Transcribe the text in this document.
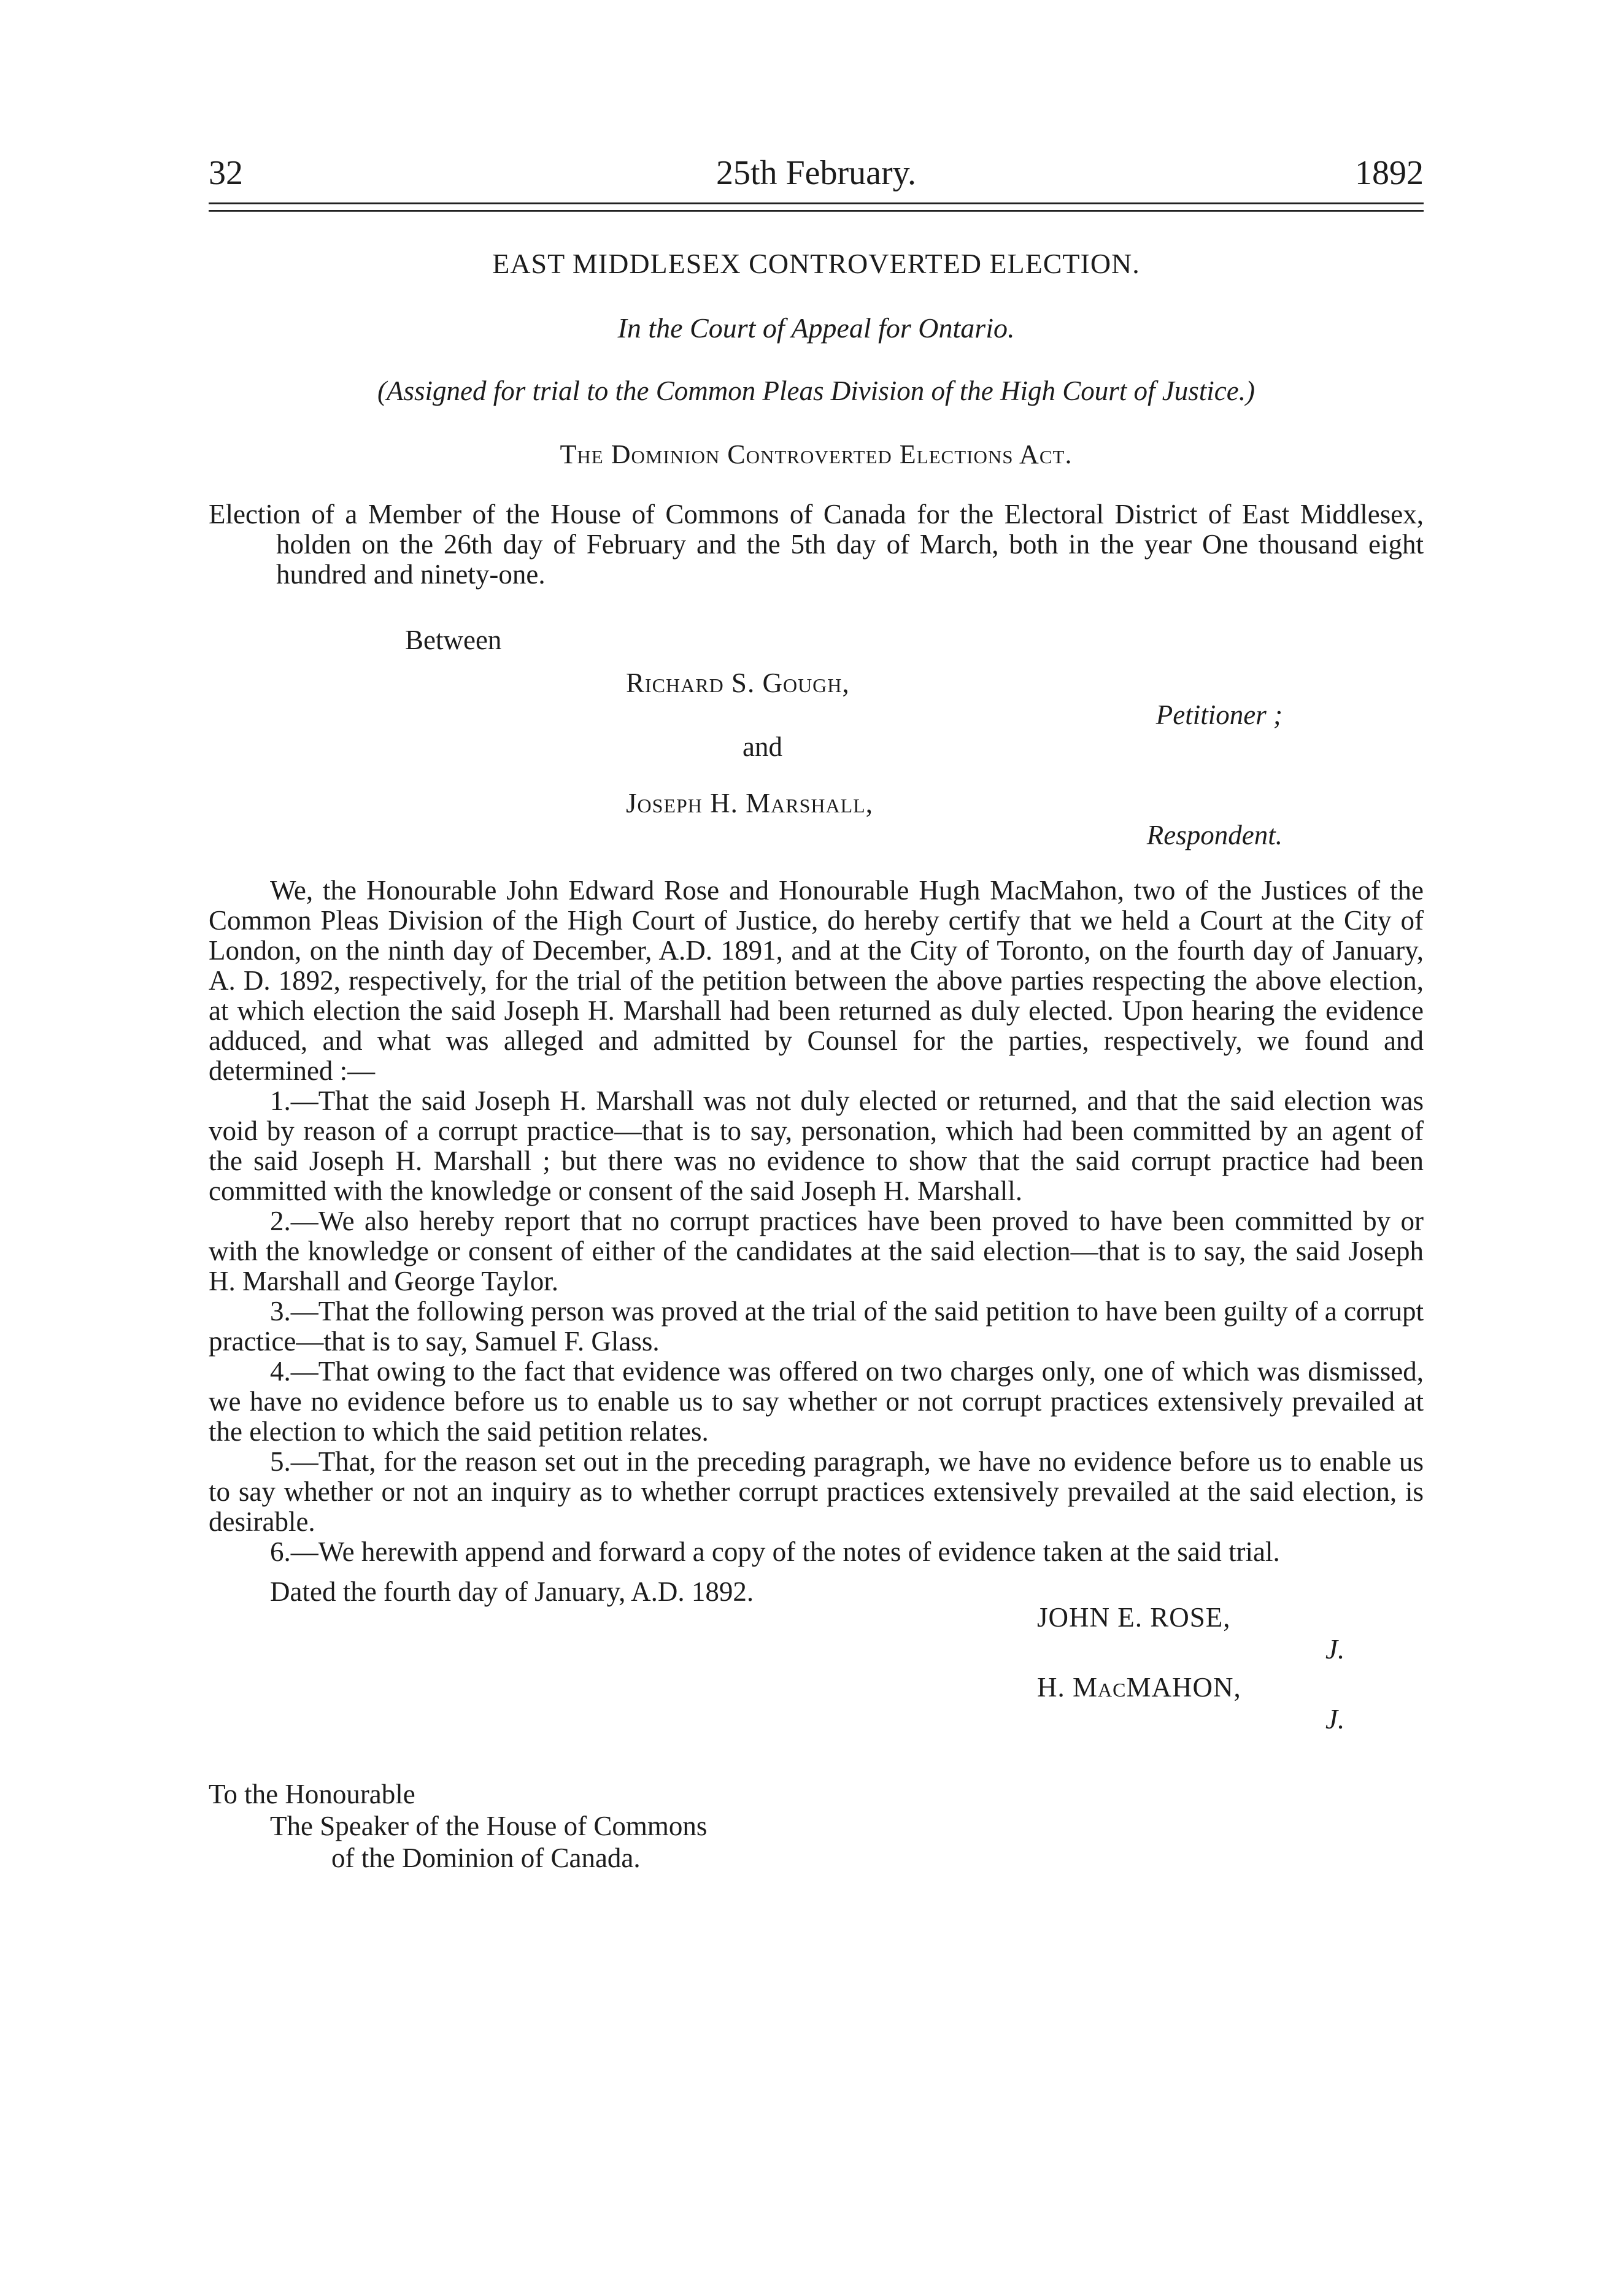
32	25th February.	1892
EAST MIDDLESEX CONTROVERTED ELECTION.
In the Court of Appeal for Ontario.
(Assigned for trial to the Common Pleas Division of the High Court of Justice.)
The Dominion Controverted Elections Act.
Election of a Member of the House of Commons of Canada for the Electoral District of East Middlesex, holden on the 26th day of February and the 5th day of March, both in the year One thousand eight hundred and ninety-one.
Between
Richard S. Gough,
Petitioner ;
and
Joseph H. Marshall,
Respondent.

We, the Honourable John Edward Rose and Honourable Hugh MacMahon, two of the Justices of the Common Pleas Division of the High Court of Justice, do hereby certify that we held a Court at the City of London, on the ninth day of December, A.D. 1891, and at the City of Toronto, on the fourth day of January, A. D. 1892, respectively, for the trial of the petition between the above parties respecting the above election, at which election the said Joseph H. Marshall had been returned as duly elected. Upon hearing the evidence adduced, and what was alleged and admitted by Counsel for the parties, respectively, we found and determined :—

1.—That the said Joseph H. Marshall was not duly elected or returned, and that the said election was void by reason of a corrupt practice—that is to say, personation, which had been committed by an agent of the said Joseph H. Marshall ; but there was no evidence to show that the said corrupt practice had been committed with the knowledge or consent of the said Joseph H. Marshall.

2.—We also hereby report that no corrupt practices have been proved to have been committed by or with the knowledge or consent of either of the candidates at the said election—that is to say, the said Joseph H. Marshall and George Taylor.

3.—That the following person was proved at the trial of the said petition to have been guilty of a corrupt practice—that is to say, Samuel F. Glass.

4.—That owing to the fact that evidence was offered on two charges only, one of which was dismissed, we have no evidence before us to enable us to say whether or not corrupt practices extensively prevailed at the election to which the said petition relates.

5.—That, for the reason set out in the preceding paragraph, we have no evidence before us to enable us to say whether or not an inquiry as to whether corrupt practices extensively prevailed at the said election, is desirable.

6.—We herewith append and forward a copy of the notes of evidence taken at the said trial.

Dated the fourth day of January, A.D. 1892.
JOHN E. ROSE,
J.
H. MacMAHON,
J.
To the Honourable
The Speaker of the House of Commons
of the Dominion of Canada.
